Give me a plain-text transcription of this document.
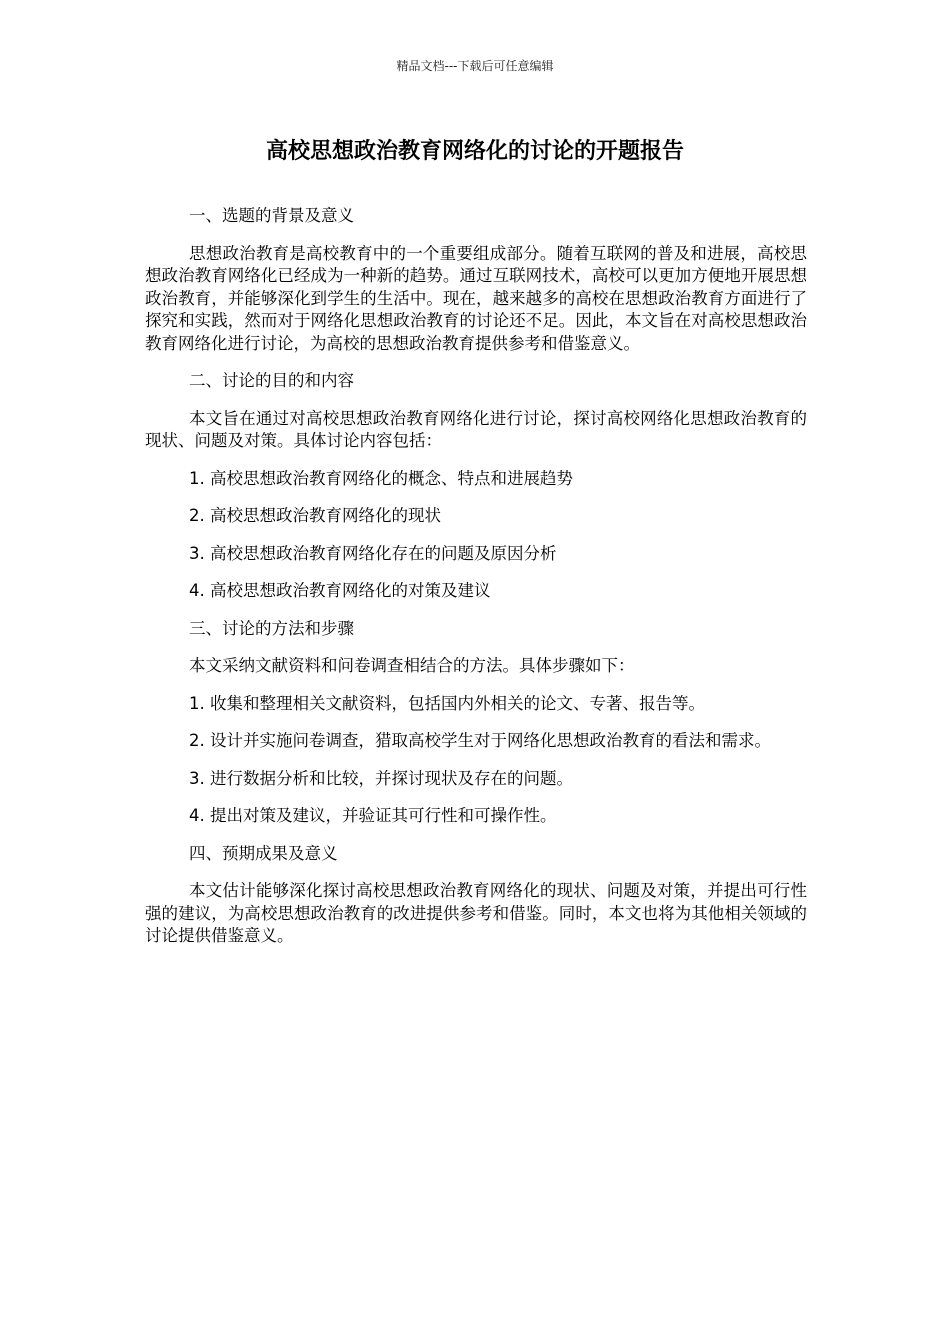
精品文档---下载后可任意编辑
高校思想政治教育网络化的讨论的开题报告
一、选题的背景及意义
思想政治教育是高校教育中的一个重要组成部分。随着互联网的普及和进展，高校思想政治教育网络化已经成为一种新的趋势。通过互联网技术，高校可以更加方便地开展思想政治教育，并能够深化到学生的生活中。现在，越来越多的高校在思想政治教育方面进行了探究和实践，然而对于网络化思想政治教育的讨论还不足。因此，本文旨在对高校思想政治教育网络化进行讨论，为高校的思想政治教育提供参考和借鉴意义。
二、讨论的目的和内容
本文旨在通过对高校思想政治教育网络化进行讨论，探讨高校网络化思想政治教育的现状、问题及对策。具体讨论内容包括：
1. 高校思想政治教育网络化的概念、特点和进展趋势
2. 高校思想政治教育网络化的现状
3. 高校思想政治教育网络化存在的问题及原因分析
4. 高校思想政治教育网络化的对策及建议
三、讨论的方法和步骤
本文采纳文献资料和问卷调查相结合的方法。具体步骤如下：
1. 收集和整理相关文献资料，包括国内外相关的论文、专著、报告等。
2. 设计并实施问卷调查，猎取高校学生对于网络化思想政治教育的看法和需求。
3. 进行数据分析和比较，并探讨现状及存在的问题。
4. 提出对策及建议，并验证其可行性和可操作性。
四、预期成果及意义
本文估计能够深化探讨高校思想政治教育网络化的现状、问题及对策，并提出可行性强的建议，为高校思想政治教育的改进提供参考和借鉴。同时，本文也将为其他相关领域的讨论提供借鉴意义。
